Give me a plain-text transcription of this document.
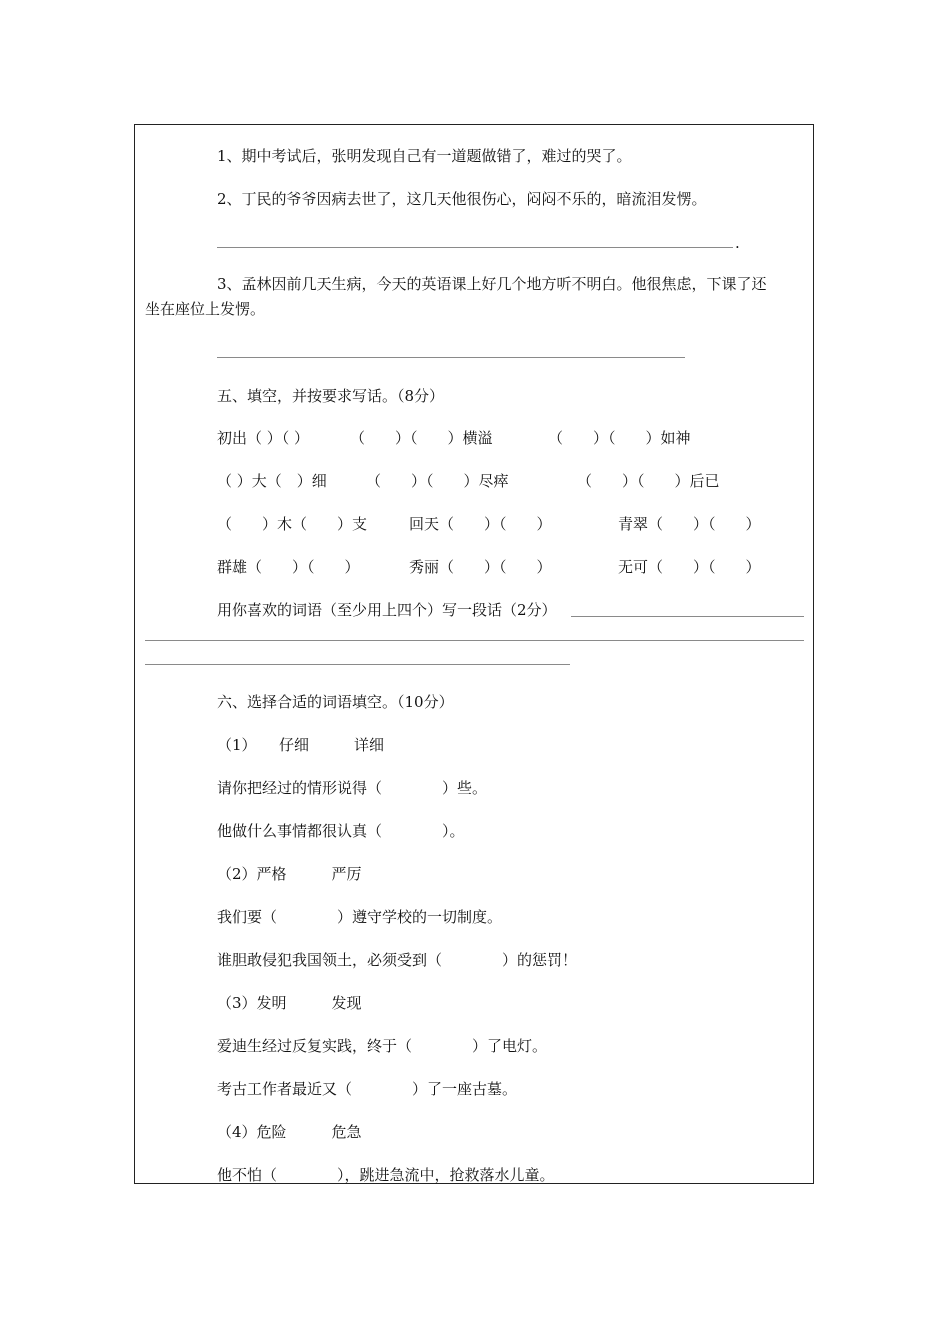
1、期中考试后，张明发现自己有一道题做错了，难过的哭了。
2、丁民的爷爷因病去世了，这几天他很伤心，闷闷不乐的，暗流泪发愣。
.
3、孟林因前几天生病，今天的英语课上好几个地方听不明白。他很焦虑，下课了还
坐在座位上发愣。
五、填空，并按要求写话。（8分）
初出（ ）（ ）	（　　）（　　）横溢	（　　）（　　）如神
（ ）大（　）细	（　　）（　　）尽瘁	（　　）（　　）后已
（　　）木（　　）支	回天（　　）（　　）	青翠（　　）（　　）
群雄（　　）（　　）	秀丽（　　）（　　）	无可（　　）（　　）
用你喜欢的词语（至少用上四个）写一段话（2分）
六、选择合适的词语填空。（10分）
（1）　　仔细　　　详细
请你把经过的情形说得（　　　　）些。
他做什么事情都很认真（　　　　）。
（2）严格　　　严厉
我们要（　　　　）遵守学校的一切制度。
谁胆敢侵犯我国领土，必须受到（　　　　）的惩罚！
（3）发明　　　发现
爱迪生经过反复实践，终于（　　　　）了电灯。
考古工作者最近又（　　　　）了一座古墓。
（4）危险　　　危急
他不怕（　　　　），跳进急流中，抢救落水儿童。
